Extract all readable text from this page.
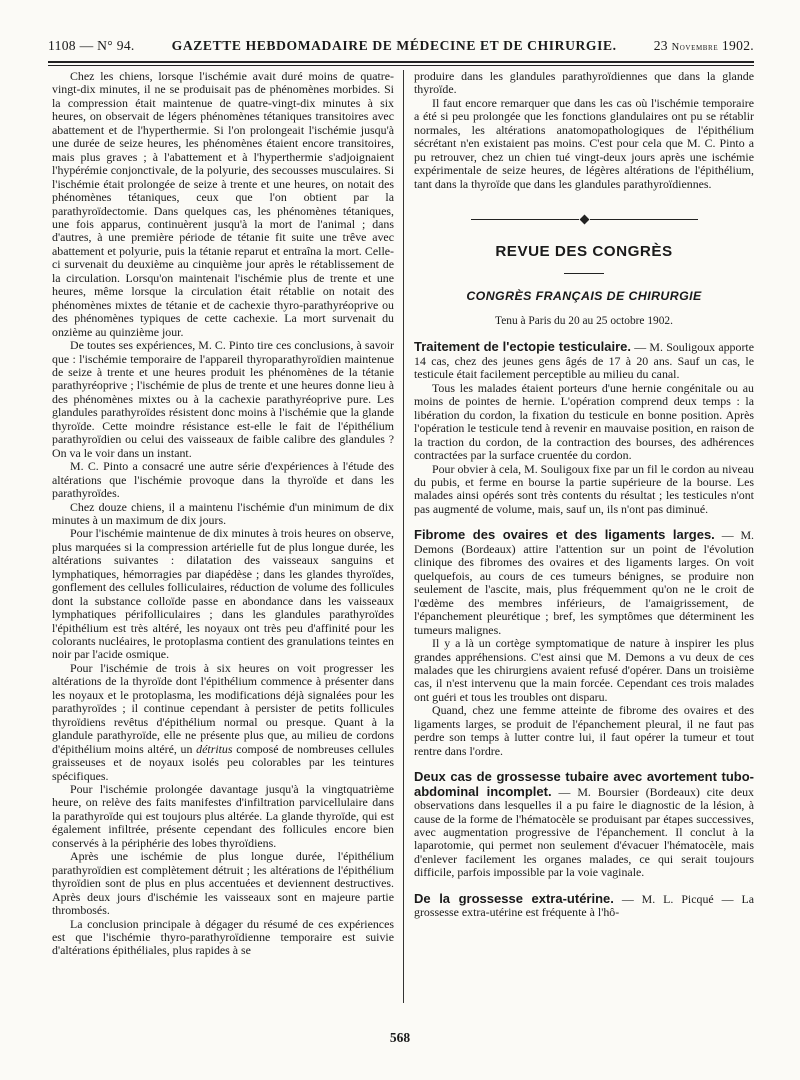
1108 — N° 94.	GAZETTE HEBDOMADAIRE DE MÉDECINE ET DE CHIRURGIE.	23 Novembre 1902.

Chez les chiens, lorsque l'ischémie avait duré moins de quatre-vingt-dix minutes, il ne se produisait pas de phénomènes morbides. Si la compression était maintenue de quatre-vingt-dix minutes à six heures, on observait de légers phénomènes tétaniques transitoires avec abattement et de l'hyperthermie. Si l'on prolongeait l'ischémie jusqu'à une durée de seize heures, les phénomènes étaient encore transitoires, mais plus graves ; à l'abattement et à l'hyperthermie s'adjoignaient l'hypérémie conjonctivale, de la polyurie, des secousses musculaires. Si l'ischémie était prolongée de seize à trente et une heures, on notait des phénomènes tétaniques, ceux que l'on obtient par la parathyroïdectomie. Dans quelques cas, les phénomènes tétaniques, une fois apparus, continuèrent jusqu'à la mort de l'animal ; dans d'autres, à une première période de tétanie fit suite une trêve avec abattement et polyurie, puis la tétanie reparut et entraîna la mort. Celle-ci survenait du deuxième au cinquième jour après le rétablissement de la circulation. Lorsqu'on maintenait l'ischémie plus de trente et une heures, même lorsque la circulation était rétablie on notait des phénomènes mixtes de tétanie et de cachexie thyro-parathyréoprive ou des phénomènes typiques de cette cachexie. La mort survenait du onzième au quinzième jour.

De toutes ses expériences, M. C. Pinto tire ces conclusions, à savoir que : l'ischémie temporaire de l'appareil thyroparathyroïdien maintenue de seize à trente et une heures produit les phénomènes de la tétanie parathyréoprive ; l'ischémie de plus de trente et une heures donne lieu à des phénomènes mixtes ou à la cachexie parathyréoprive pure. Les glandules parathyroïdes résistent donc moins à l'ischémie que la glande thyroïde. Cette moindre résistance est-elle le fait de l'épithélium parathyroïdien ou celui des vaisseaux de faible calibre des glandules ? On va le voir dans un instant.

M. C. Pinto a consacré une autre série d'expériences à l'étude des altérations que l'ischémie provoque dans la thyroïde et dans les parathyroïdes.

Chez douze chiens, il a maintenu l'ischémie d'un minimum de dix minutes à un maximum de dix jours.

Pour l'ischémie maintenue de dix minutes à trois heures on observe, plus marquées si la compression artérielle fut de plus longue durée, les altérations suivantes : dilatation des vaisseaux sanguins et lymphatiques, hémorragies par diapédèse ; dans les glandes thyroïdes, gonflement des cellules folliculaires, réduction de volume des follicules dont la substance colloïde passe en abondance dans les vaisseaux lymphatiques périfolliculaires ; dans les glandules parathyroïdes l'épithélium est très altéré, les noyaux ont très peu d'affinité pour les colorants nucléaires, le protoplasma contient des granulations teintes en noir par l'acide osmique.

Pour l'ischémie de trois à six heures on voit progresser les altérations de la thyroïde dont l'épithélium commence à présenter dans les noyaux et le protoplasma, les modifications déjà signalées pour les parathyroïdes ; il continue cependant à persister de petits follicules thyroïdiens revêtus d'épithélium normal ou presque. Quant à la glandule parathyroïde, elle ne présente plus que, au milieu de cordons d'épithélium moins altéré, un détritus composé de nombreuses cellules graisseuses et de noyaux isolés peu colorables par les teintures spécifiques.

Pour l'ischémie prolongée davantage jusqu'à la vingtquatrième heure, on relève des faits manifestes d'infiltration parvicellulaire dans la parathyroïde qui est toujours plus altérée. La glande thyroïde, qui est également infiltrée, présente cependant des follicules encore bien conservés à la périphérie des lobes thyroïdiens.

Après une ischémie de plus longue durée, l'épithélium parathyroïdien est complètement détruit ; les altérations de l'épithélium thyroïdien sont de plus en plus accentuées et deviennent destructives. Après deux jours d'ischémie les vaisseaux sont en majeure partie thrombosés.

La conclusion principale à dégager du résumé de ces expériences est que l'ischémie thyro-parathyroïdienne temporaire est suivie d'altérations épithéliales, plus rapides à se

produire dans les glandules parathyroïdiennes que dans la glande thyroïde.

Il faut encore remarquer que dans les cas où l'ischémie temporaire a été si peu prolongée que les fonctions glandulaires ont pu se rétablir normales, les altérations anatomopathologiques de l'épithélium sécrétant n'en existaient pas moins. C'est pour cela que M. C. Pinto a pu retrouver, chez un chien tué vingt-deux jours après une ischémie expérimentale de seize heures, de légères altérations de l'épithélium, tant dans la thyroïde que dans les glandules parathyroïdiennes.

REVUE DES CONGRÈS
CONGRÈS FRANÇAIS DE CHIRURGIE
Tenu à Paris du 20 au 25 octobre 1902.

Traitement de l'ectopie testiculaire. — M. Souligoux apporte 14 cas, chez des jeunes gens âgés de 17 à 20 ans. Sauf un cas, le testicule était facilement perceptible au milieu du canal.

Tous les malades étaient porteurs d'une hernie congénitale ou au moins de pointes de hernie. L'opération comprend deux temps : la libération du cordon, la fixation du testicule en bonne position. Après l'opération le testicule tend à revenir en mauvaise position, en raison de la traction du cordon, de la contraction des bourses, des adhérences contractées par la surface cruentée du cordon.

Pour obvier à cela, M. Souligoux fixe par un fil le cordon au niveau du pubis, et ferme en bourse la partie supérieure de la bourse. Les malades ainsi opérés sont très contents du résultat ; les testicules n'ont pas augmenté de volume, mais, sauf un, ils n'ont pas diminué.

Fibrome des ovaires et des ligaments larges. — M. Demons (Bordeaux) attire l'attention sur un point de l'évolution clinique des fibromes des ovaires et des ligaments larges. On voit quelquefois, au cours de ces tumeurs bénignes, se produire non seulement de l'ascite, mais, plus fréquemment qu'on ne le croit de l'œdème des membres inférieurs, de l'amaigrissement, de l'épanchement pleurétique ; bref, les symptômes que déterminent les tumeurs malignes.

Il y a là un cortège symptomatique de nature à inspirer les plus grandes appréhensions. C'est ainsi que M. Demons a vu deux de ces malades que les chirurgiens avaient refusé d'opérer. Dans un troisième cas, il n'est intervenu que la main forcée. Cependant ces trois malades ont guéri et tous les troubles ont disparu.

Quand, chez une femme atteinte de fibrome des ovaires et des ligaments larges, se produit de l'épanchement pleural, il ne faut pas perdre son temps à lutter contre lui, il faut opérer la tumeur et tout rentre dans l'ordre.

Deux cas de grossesse tubaire avec avortement tubo-abdominal incomplet. — M. Boursier (Bordeaux) cite deux observations dans lesquelles il a pu faire le diagnostic de la lésion, à cause de la forme de l'hématocèle se produisant par étapes successives, avec augmentation progressive de l'épanchement. Il conclut à la laparotomie, qui permet non seulement d'évacuer l'hématocèle, mais d'enlever facilement les organes malades, ce qui serait toujours difficile, parfois impossible par la voie vaginale.

De la grossesse extra-utérine. — M. L. Picqué — La grossesse extra-utérine est fréquente à l'hô-

568
